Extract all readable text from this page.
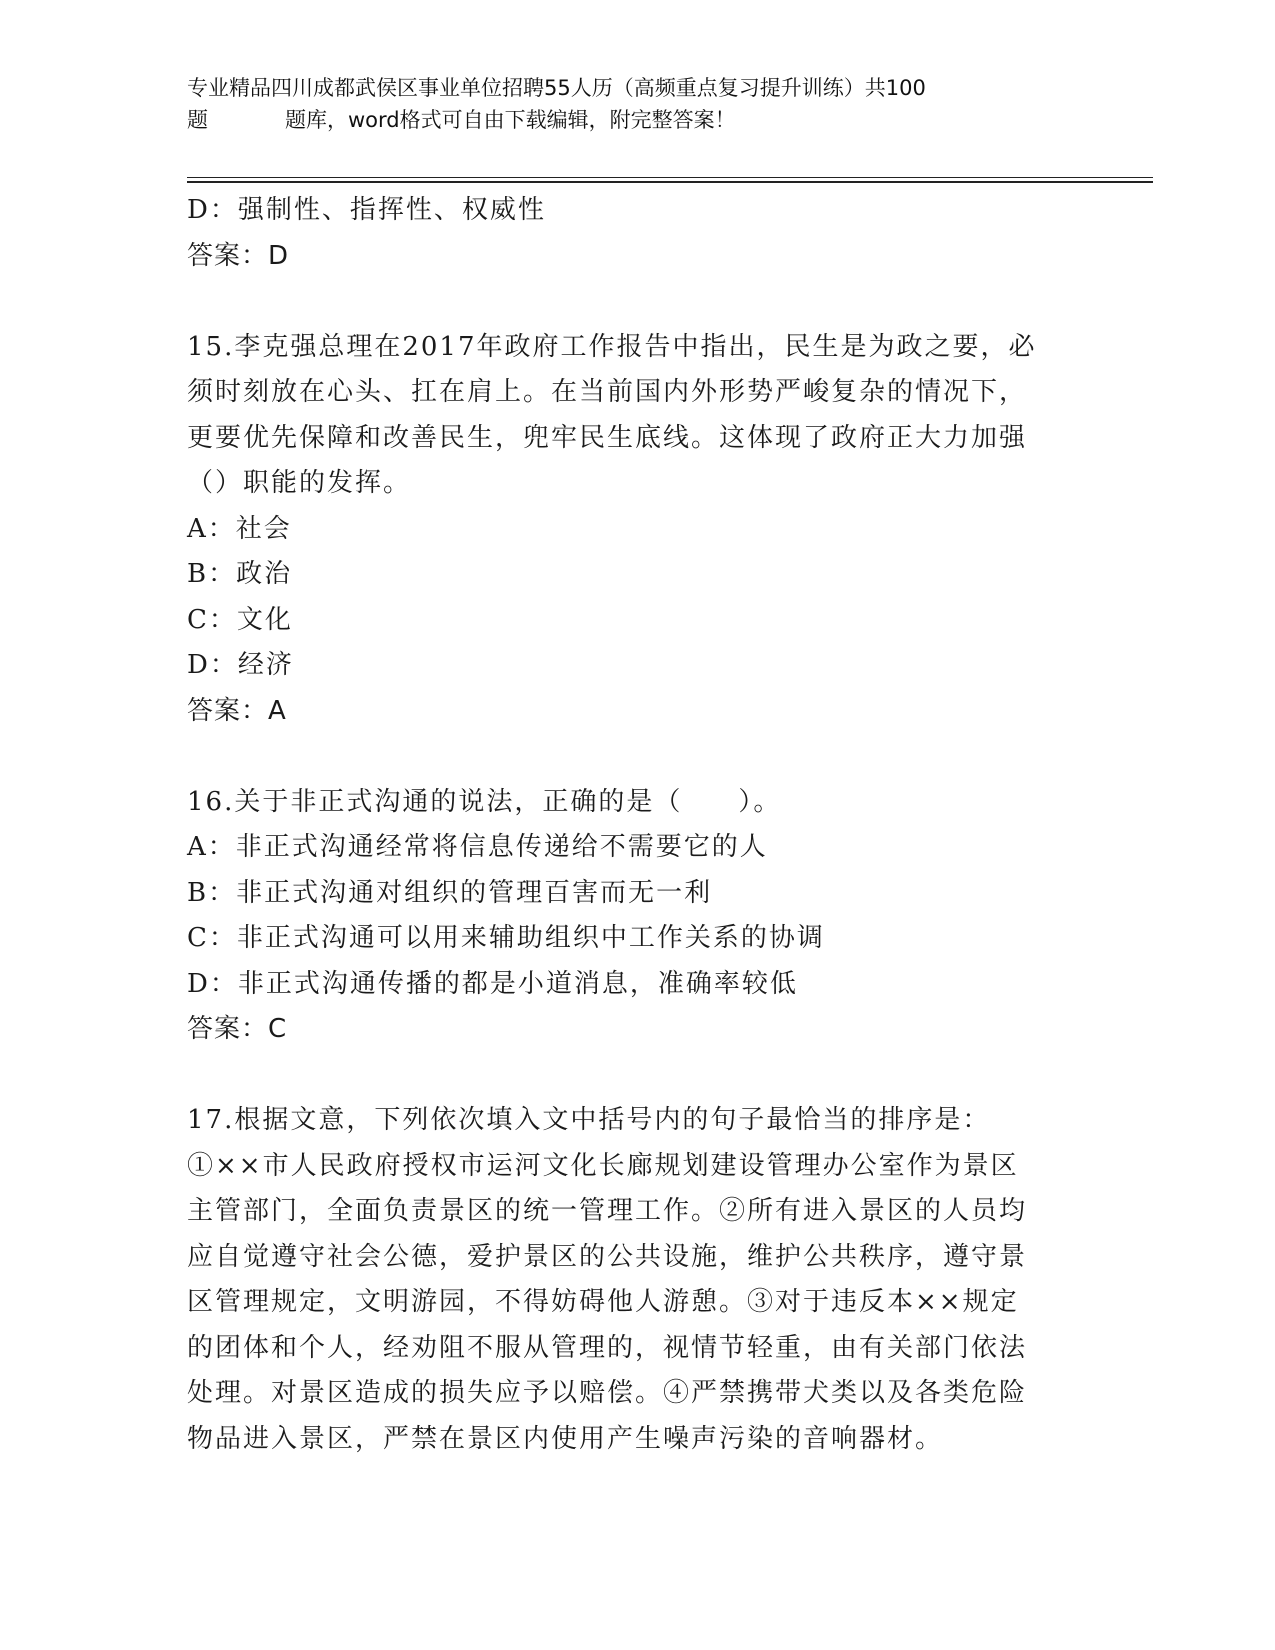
专业精品四川成都武侯区事业单位招聘55人历（高频重点复习提升训练）共100
题	题库，word格式可自由下载编辑，附完整答案！
D：强制性、指挥性、权威性
答案：D
15.李克强总理在2017年政府工作报告中指出，民生是为政之要，必
须时刻放在心头、扛在肩上。在当前国内外形势严峻复杂的情况下，
更要优先保障和改善民生，兜牢民生底线。这体现了政府正大力加强
（）职能的发挥。
A：社会
B：政治
C：文化
D：经济
答案：A
16.关于非正式沟通的说法，正确的是（　　）。
A：非正式沟通经常将信息传递给不需要它的人
B：非正式沟通对组织的管理百害而无一利
C：非正式沟通可以用来辅助组织中工作关系的协调
D：非正式沟通传播的都是小道消息，准确率较低
答案：C
17.根据文意，下列依次填入文中括号内的句子最恰当的排序是：
①××市人民政府授权市运河文化长廊规划建设管理办公室作为景区
主管部门，全面负责景区的统一管理工作。②所有进入景区的人员均
应自觉遵守社会公德，爱护景区的公共设施，维护公共秩序，遵守景
区管理规定，文明游园，不得妨碍他人游憩。③对于违反本××规定
的团体和个人，经劝阻不服从管理的，视情节轻重，由有关部门依法
处理。对景区造成的损失应予以赔偿。④严禁携带犬类以及各类危险
物品进入景区，严禁在景区内使用产生噪声污染的音响器材。
